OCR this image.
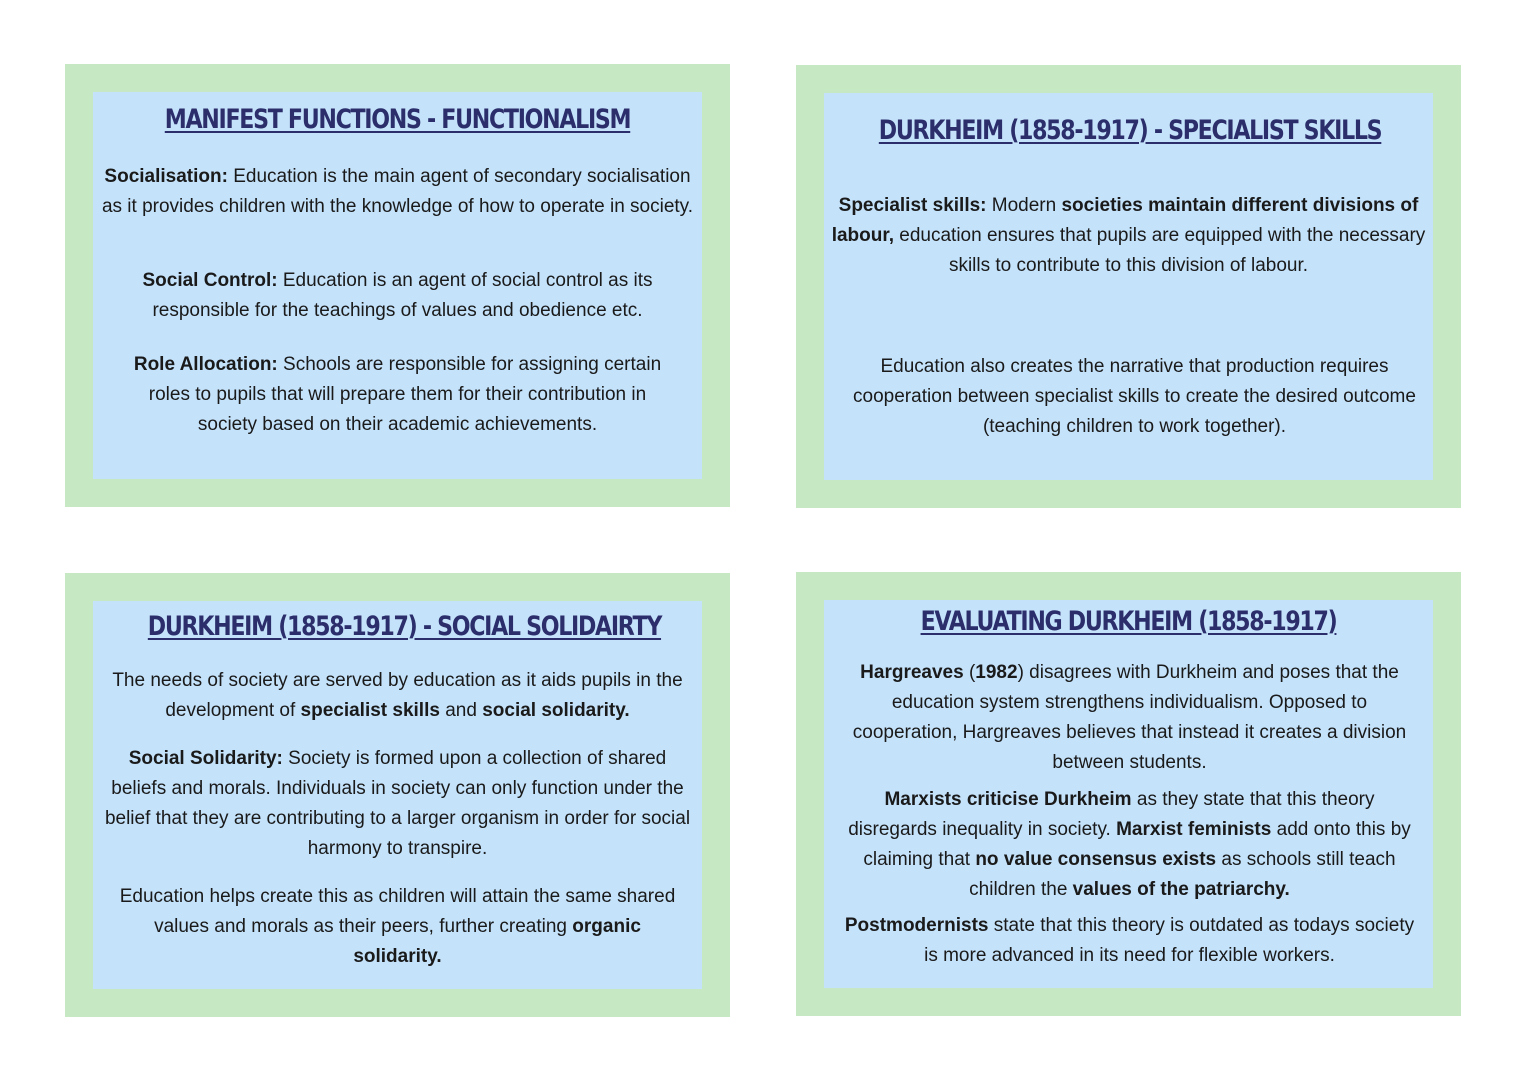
MANIFEST FUNCTIONS - FUNCTIONALISM

Socialisation: Education is the main agent of secondary socialisation as it provides children with the knowledge of how to operate in society.

Social Control: Education is an agent of social control as its responsible for the teachings of values and obedience etc.

Role Allocation: Schools are responsible for assigning certain roles to pupils that will prepare them for their contribution in society based on their academic achievements.

DURKHEIM (1858-1917) - SPECIALIST SKILLS

Specialist skills: Modern societies maintain different divisions of labour, education ensures that pupils are equipped with the necessary skills to contribute to this division of labour.

Education also creates the narrative that production requires cooperation between specialist skills to create the desired outcome (teaching children to work together).

DURKHEIM (1858-1917) - SOCIAL SOLIDAIRTY

The needs of society are served by education as it aids pupils in the development of specialist skills and social solidarity.

Social Solidarity: Society is formed upon a collection of shared beliefs and morals. Individuals in society can only function under the belief that they are contributing to a larger organism in order for social harmony to transpire.

Education helps create this as children will attain the same shared values and morals as their peers, further creating organic solidarity.

EVALUATING DURKHEIM (1858-1917)

Hargreaves (1982) disagrees with Durkheim and poses that the education system strengthens individualism. Opposed to cooperation, Hargreaves believes that instead it creates a division between students.

Marxists criticise Durkheim as they state that this theory disregards inequality in society. Marxist feminists add onto this by claiming that no value consensus exists as schools still teach children the values of the patriarchy.

Postmodernists state that this theory is outdated as todays society is more advanced in its need for flexible workers.
